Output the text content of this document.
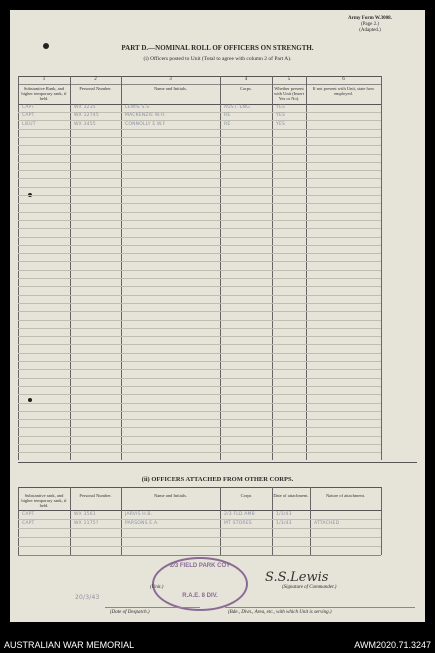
Army Form W.3008.
(Page 2.)
(Adapted.)
PART D.—NOMINAL ROLL OF OFFICERS ON STRENGTH.
(i) Officers posted to Unit (Total to agree with column 2 of Part A).
1
Substantive Rank, and higher temporary rank, if held.
2
Personal Number.
3
Name and Initials.
4
Corps.
5
Whether present with Unit (Insert Yes or No).
6
If not present with Unit, state how employed.
CAPT	WX 3235	LEWIS S.S.	AUST. ENG.	YES
CAPT	WX 12745	MACKENZIE W.H.	RE	YES
LIEUT	WX 3455	CONNOLLY E.W.F	RE	YES
(ii) OFFICERS ATTACHED FROM OTHER CORPS.
Substantive rank, and higher temporary rank, if held.
Personal Number.	Name and Initials.	Corps	Date of attachment.	Nature of attachment.
CAPT	WX 3561	JARVIS H.B.	2/3 FLD AMB	1/3/43
CAPT	WX 1175?	PARSONS E.A.	MT STORES	1/3/43	ATTACHED
2/3 FIELD PARK COY
R.A.E. 8 DIV.
(Unit.)
S.S.Lewis
(Signature of Commander.)
20/3/43
(Date of Despatch.)	(Bde., Divn., Area, etc., with which Unit is serving.)
AUSTRALIAN WAR MEMORIAL	AWM2020.71.3247
